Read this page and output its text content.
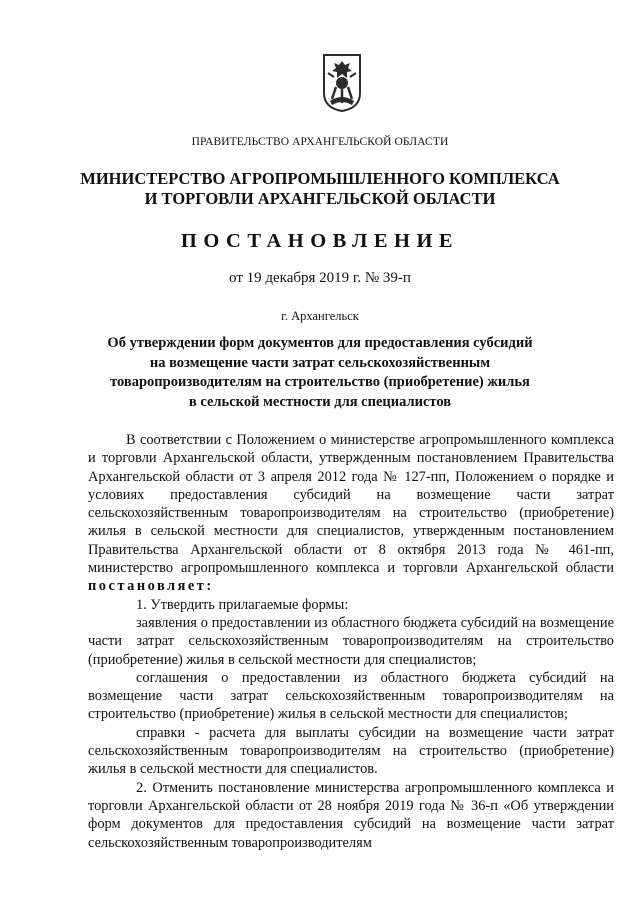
ПРАВИТЕЛЬСТВО АРХАНГЕЛЬСКОЙ ОБЛАСТИ
МИНИСТЕРСТВО АГРОПРОМЫШЛЕННОГО КОМПЛЕКСА
И ТОРГОВЛИ АРХАНГЕЛЬСКОЙ ОБЛАСТИ
ПОСТАНОВЛЕНИЕ
от 19 декабря 2019 г. № 39-п
г. Архангельск
Об утверждении форм документов для предоставления субсидий
на возмещение части затрат сельскохозяйственным
товаропроизводителям на строительство (приобретение) жилья
в сельской местности для специалистов

В соответствии с Положением о министерстве агропромышленного комплекса и торговли Архангельской области, утвержденным постановлением Правительства Архангельской области от 3 апреля 2012 года № 127-пп, Положением о порядке и условиях предоставления субсидий на возмещение части затрат сельскохозяйственным товаропроизводителям на строительство (приобретение) жилья в сельской местности для специалистов, утвержденным постановлением Правительства Архангельской области от 8 октября 2013 года № 461-пп, министерство агропромышленного комплекса и торговли Архангельской области постановляет:

1. Утвердить прилагаемые формы:

заявления о предоставлении из областного бюджета субсидий на возмещение части затрат сельскохозяйственным товаропроизводителям на строительство (приобретение) жилья в сельской местности для специалистов;

соглашения о предоставлении из областного бюджета субсидий на возмещение части затрат сельскохозяйственным товаропроизводителям на строительство (приобретение) жилья в сельской местности для специалистов;

справки - расчета для выплаты субсидии на возмещение части затрат сельскохозяйственным товаропроизводителям на строительство (приобретение) жилья в сельской местности для специалистов.

2. Отменить постановление министерства агропромышленного комплекса и торговли Архангельской области от 28 ноября 2019 года № 36-п «Об утверждении форм документов для предоставления субсидий на возмещение части затрат сельскохозяйственным товаропроизводителям
